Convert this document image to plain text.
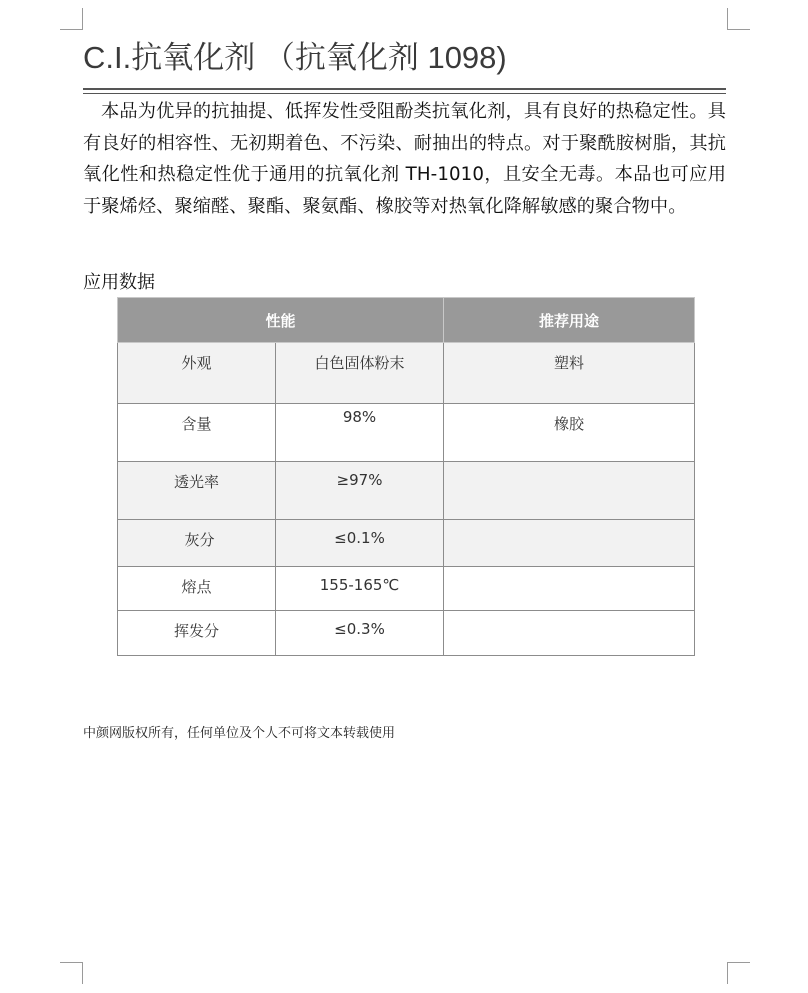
C.I.抗氧化剂 （抗氧化剂 1098)
本品为优异的抗抽提、低挥发性受阻酚类抗氧化剂，具有良好的热稳定性。具有良好的相容性、无初期着色、不污染、耐抽出的特点。对于聚酰胺树脂，其抗氧化性和热稳定性优于通用的抗氧化剂 TH-1010，且安全无毒。本品也可应用于聚烯烃、聚缩醛、聚酯、聚氨酯、橡胶等对热氧化降解敏感的聚合物中。
应用数据
性能		推荐用途
外观	白色固体粉末	塑料
含量	98%	橡胶
透光率	≥97%	
灰分	≤0.1%	
熔点	155-165℃	
挥发分	≤0.3%	
中颜网版权所有，任何单位及个人不可将文本转载使用
